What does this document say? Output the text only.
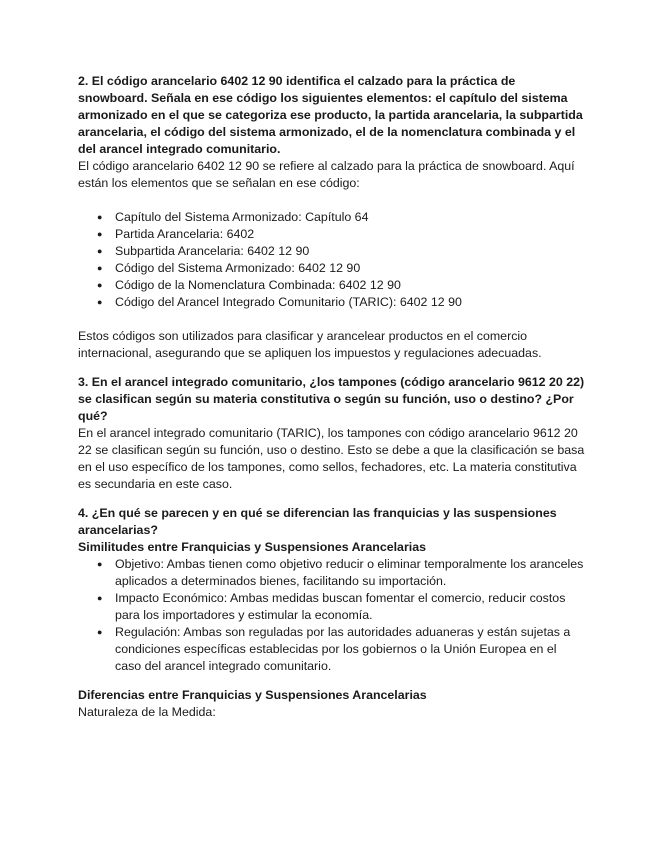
2. El código arancelario 6402 12 90 identifica el calzado para la práctica de snowboard. Señala en ese código los siguientes elementos: el capítulo del sistema armonizado en el que se categoriza ese producto, la partida arancelaria, la subpartida arancelaria, el código del sistema armonizado, el de la nomenclatura combinada y el del arancel integrado comunitario.

El código arancelario 6402 12 90 se refiere al calzado para la práctica de snowboard. Aquí están los elementos que se señalan en ese código:

● Capítulo del Sistema Armonizado: Capítulo 64
● Partida Arancelaria: 6402
● Subpartida Arancelaria: 6402 12 90
● Código del Sistema Armonizado: 6402 12 90
● Código de la Nomenclatura Combinada: 6402 12 90
● Código del Arancel Integrado Comunitario (TARIC): 6402 12 90

Estos códigos son utilizados para clasificar y arancelear productos en el comercio internacional, asegurando que se apliquen los impuestos y regulaciones adecuadas.

3. En el arancel integrado comunitario, ¿los tampones (código arancelario 9612 20 22) se clasifican según su materia constitutiva o según su función, uso o destino? ¿Por qué?

En el arancel integrado comunitario (TARIC), los tampones con código arancelario 9612 20 22 se clasifican según su función, uso o destino. Esto se debe a que la clasificación se basa en el uso específico de los tampones, como sellos, fechadores, etc. La materia constitutiva es secundaria en este caso.

4. ¿En qué se parecen y en qué se diferencian las franquicias y las suspensiones arancelarias?

Similitudes entre Franquicias y Suspensiones Arancelarias

● Objetivo: Ambas tienen como objetivo reducir o eliminar temporalmente los aranceles aplicados a determinados bienes, facilitando su importación.
● Impacto Económico: Ambas medidas buscan fomentar el comercio, reducir costos para los importadores y estimular la economía.
● Regulación: Ambas son reguladas por las autoridades aduaneras y están sujetas a condiciones específicas establecidas por los gobiernos o la Unión Europea en el caso del arancel integrado comunitario.

Diferencias entre Franquicias y Suspensiones Arancelarias

Naturaleza de la Medida:
